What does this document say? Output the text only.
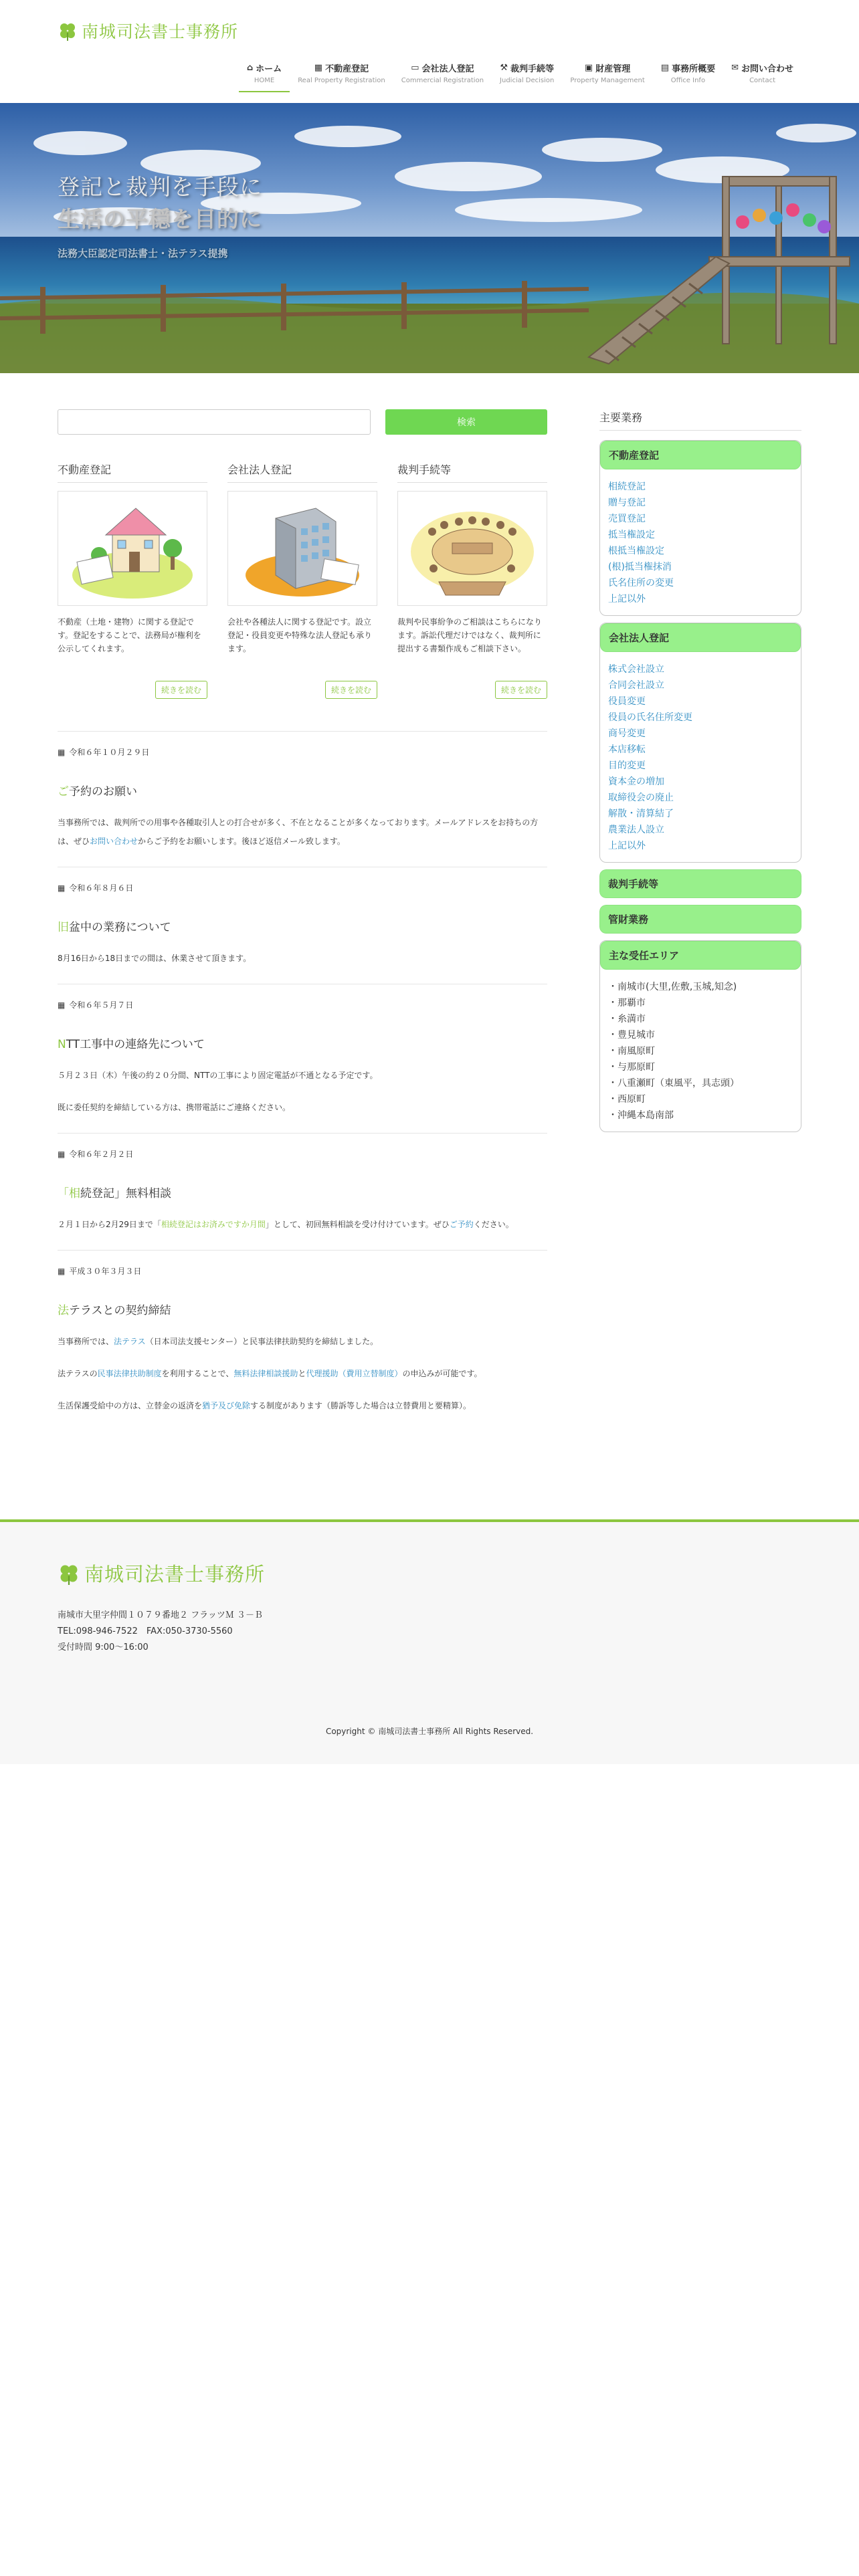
南城司法書士事務所
⌂ ホーム
HOME
▦ 不動産登記
Real Property Registration
▭ 会社法人登記
Commercial Registration
⚒ 裁判手続等
Judicial Decision
▣ 財産管理
Property Management
▤ 事務所概要
Office Info
✉ お問い合わせ
Contact
登記と裁判を手段に
生活の平穏を目的に
法務大臣認定司法書士・法テラス提携
検索
不動産登記
不動産（土地・建物）に関する登記です。登記をすることで、法務局が権利を公示してくれます。
続きを読む
会社法人登記
会社や各種法人に関する登記です。設立登記・役員変更や特殊な法人登記も承ります。
続きを読む
裁判手続等
裁判や民事紛争のご相談はこちらになります。訴訟代理だけではなく、裁判所に提出する書類作成もご相談下さい。
続きを読む
▦ 令和６年１０月２９日
ご予約のお願い

当事務所では、裁判所での用事や各種取引人との打合せが多く、不在となることが多くなっております。メールアドレスをお持ちの方は、ぜひお問い合わせからご予約をお願いします。後ほど返信メール致します。

▦ 令和６年８月６日
旧盆中の業務について

8月16日から18日までの間は、休業させて頂きます。

▦ 令和６年５月７日
NTT工事中の連絡先について

５月２３日（木）午後の約２０分間、NTTの工事により固定電話が不通となる予定です。

既に委任契約を締結している方は、携帯電話にご連絡ください。

▦ 令和６年２月２日
「相続登記」無料相談

２月１日から2月29日まで「相続登記はお済みですか月間」として、初回無料相談を受け付けています。ぜひご予約ください。

▦ 平成３０年３月３日
法テラスとの契約締結

当事務所では、法テラス（日本司法支援センター）と民事法律扶助契約を締結しました。

法テラスの民事法律扶助制度を利用することで、無料法律相談援助と代理援助（費用立替制度）の申込みが可能です。

生活保護受給中の方は、立替金の返済を猶予及び免除する制度があります（勝訴等した場合は立替費用と要精算）。

主要業務
不動産登記
相続登記
贈与登記
売買登記
抵当権設定
根抵当権設定
(根)抵当権抹消
氏名住所の変更
上記以外
会社法人登記
株式会社設立
合同会社設立
役員変更
役員の氏名住所変更
商号変更
本店移転
目的変更
資本金の増加
取締役会の廃止
解散・清算結了
農業法人設立
上記以外
裁判手続等
管財業務
主な受任エリア
・南城市(大里,佐敷,玉城,知念)
・那覇市
・糸満市
・豊見城市
・南風原町
・与那原町
・八重瀬町（東風平，具志頭）
・西原町
・沖縄本島南部
南城司法書士事務所
南城市大里字仲間１０７９番地２ フラッツＭ ３－Ｂ
TEL:098-946-7522　FAX:050-3730-5560
受付時間 9:00～16:00
Copyright © 南城司法書士事務所 All Rights Reserved.
